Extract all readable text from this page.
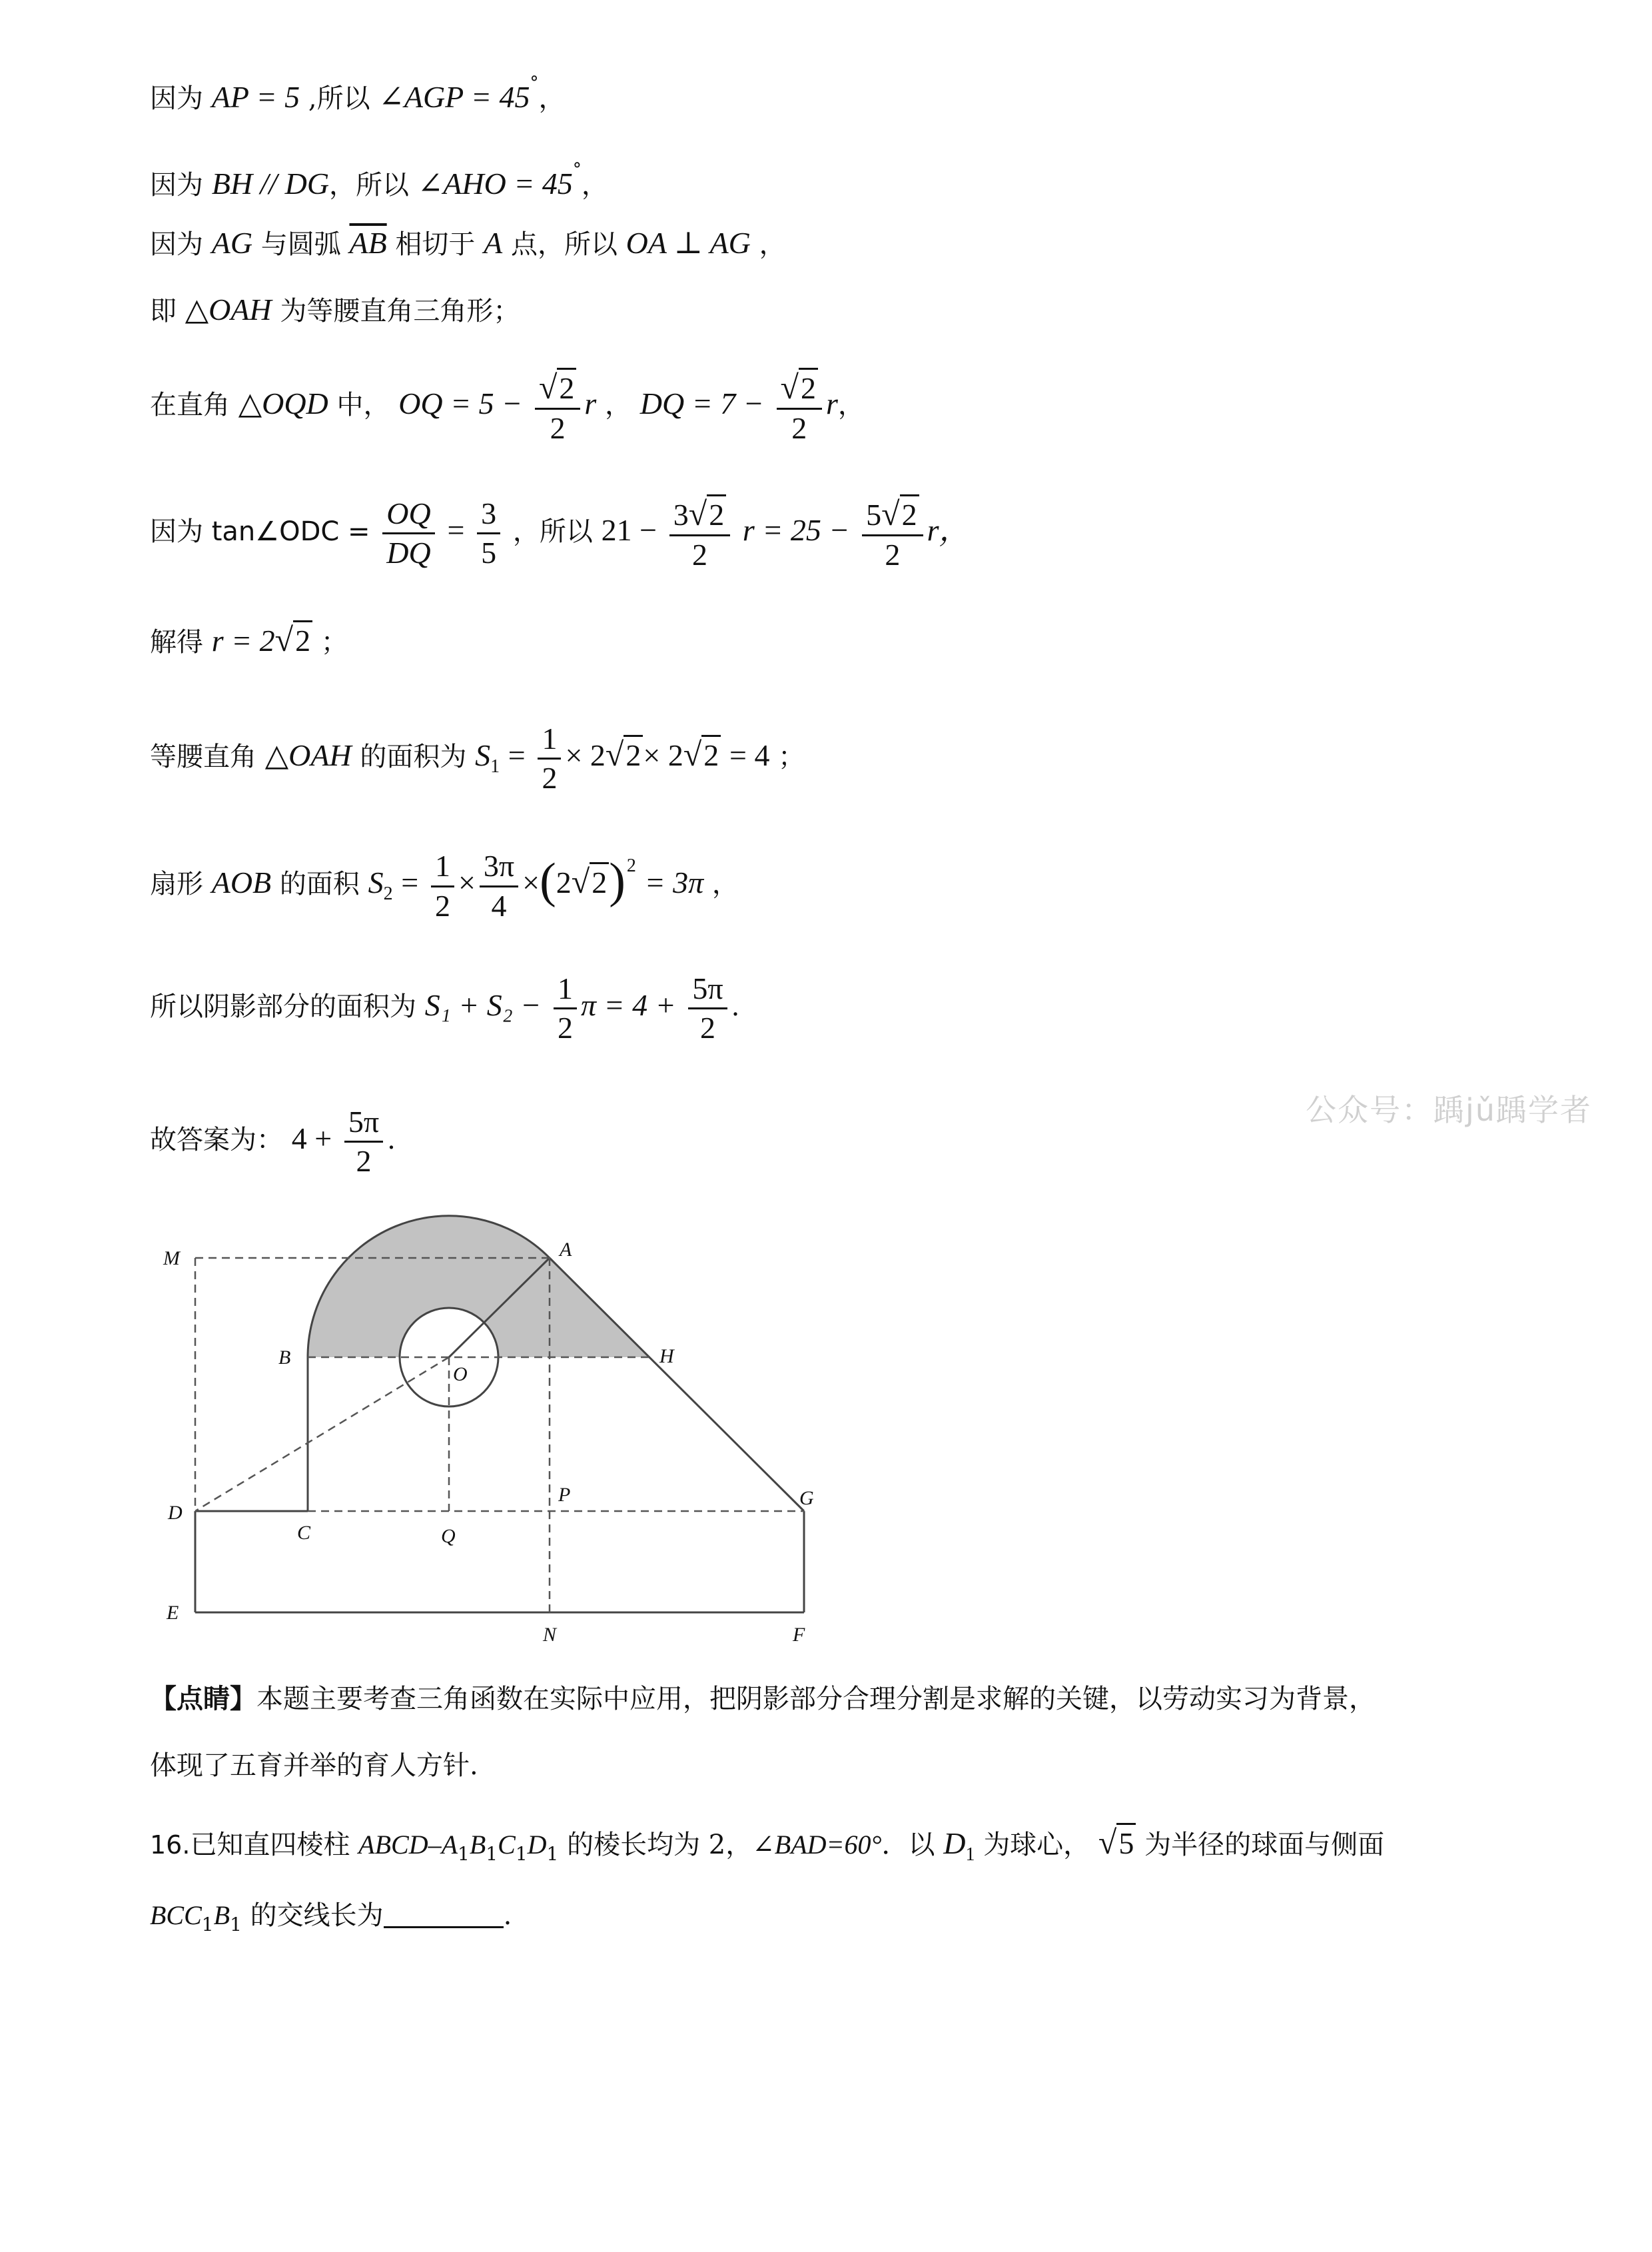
因为 AP = 5 ,所以 ∠AGP = 45°，
因为 BH // DG，所以 ∠AHO = 45°，
因为 AG 与圆弧 $\overline{AB}$ 相切于 A 点，所以 OA ⊥ AG ，
即 △OAH 为等腰直角三角形；
在直角 △OQD 中， OQ = $5 - \frac{√2}{2}$ r ， DQ = $7 - \frac{√2}{2}$ r，
因为 tan∠ODC = $\frac{OQ}{DQ} = \frac{3}{5}$ ，所以 $21 - \frac{3√2}{2}$ $r = 25 - \frac{5√2}{2}$ r，
解得 r = 2√2 ；
等腰直角 △OAH 的面积为 $S_1 = \frac{1}{2} \times 2√2\times 2√2 = 4$ ；
扇形 AOB 的面积 $S_2 = \frac{1}{2} \times \frac{3\pi}{4} \times(2√2)^2 = 3\pi$ ，
所以阴影部分的面积为 $S_1 + S_2 - \frac{1}{2}$ $\pi = 4 + \frac{5\pi}{2}$ .
公众号：踽jǔ踽学者
故答案为： $4 + \frac{5\pi}{2}$ .
M	A
B	H
O
D
C	Q
P	G
E
N	F
【点睛】本题主要考查三角函数在实际中应用，把阴影部分合理分割是求解的关键，以劳动实习为背景，
体现了五育并举的育人方针.
16.已知直四棱柱 ABCD–$A_1B_1C_1D_1$ 的棱长均为 2，∠BAD=60°．以 $D_1$ 为球心， √5 为半径的球面与侧面
$BCC_1B_1$ 的交线长为	.
